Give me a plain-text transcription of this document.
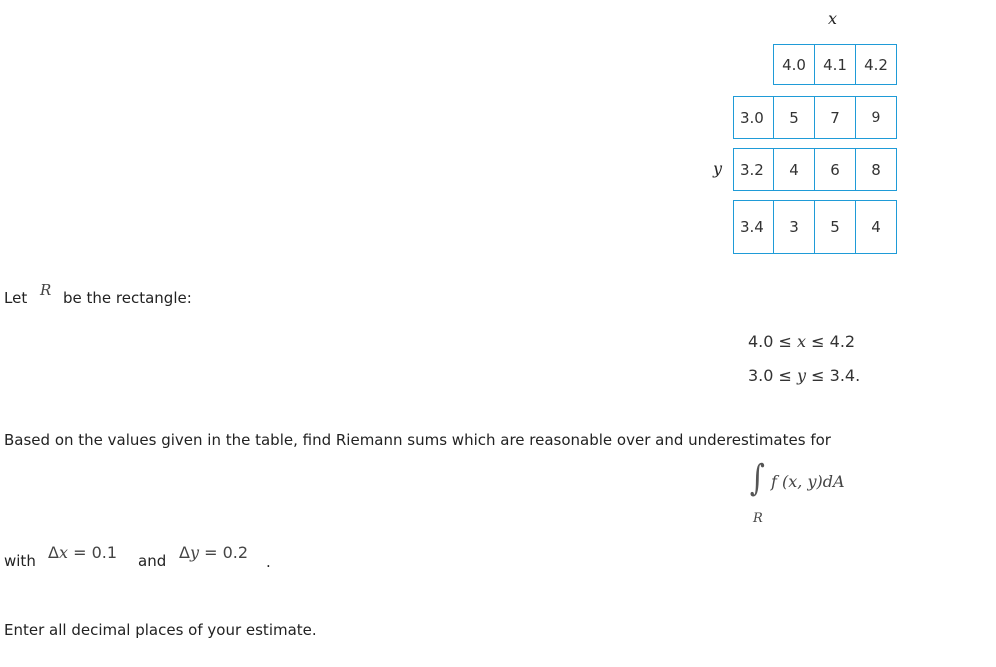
x
4.0	4.1	4.2
y
3.0	5	7	9
3.2	4	6	8
3.4	3	5	4
Let R be the rectangle:
4.0 ≤ x ≤ 4.2
3.0 ≤ y ≤ 3.4.
Based on the values given in the table, find Riemann sums which are reasonable over and underestimates for
∫ f (x, y)dA
R
with Δx = 0.1 and Δy = 0.2 .
Enter all decimal places of your estimate.
